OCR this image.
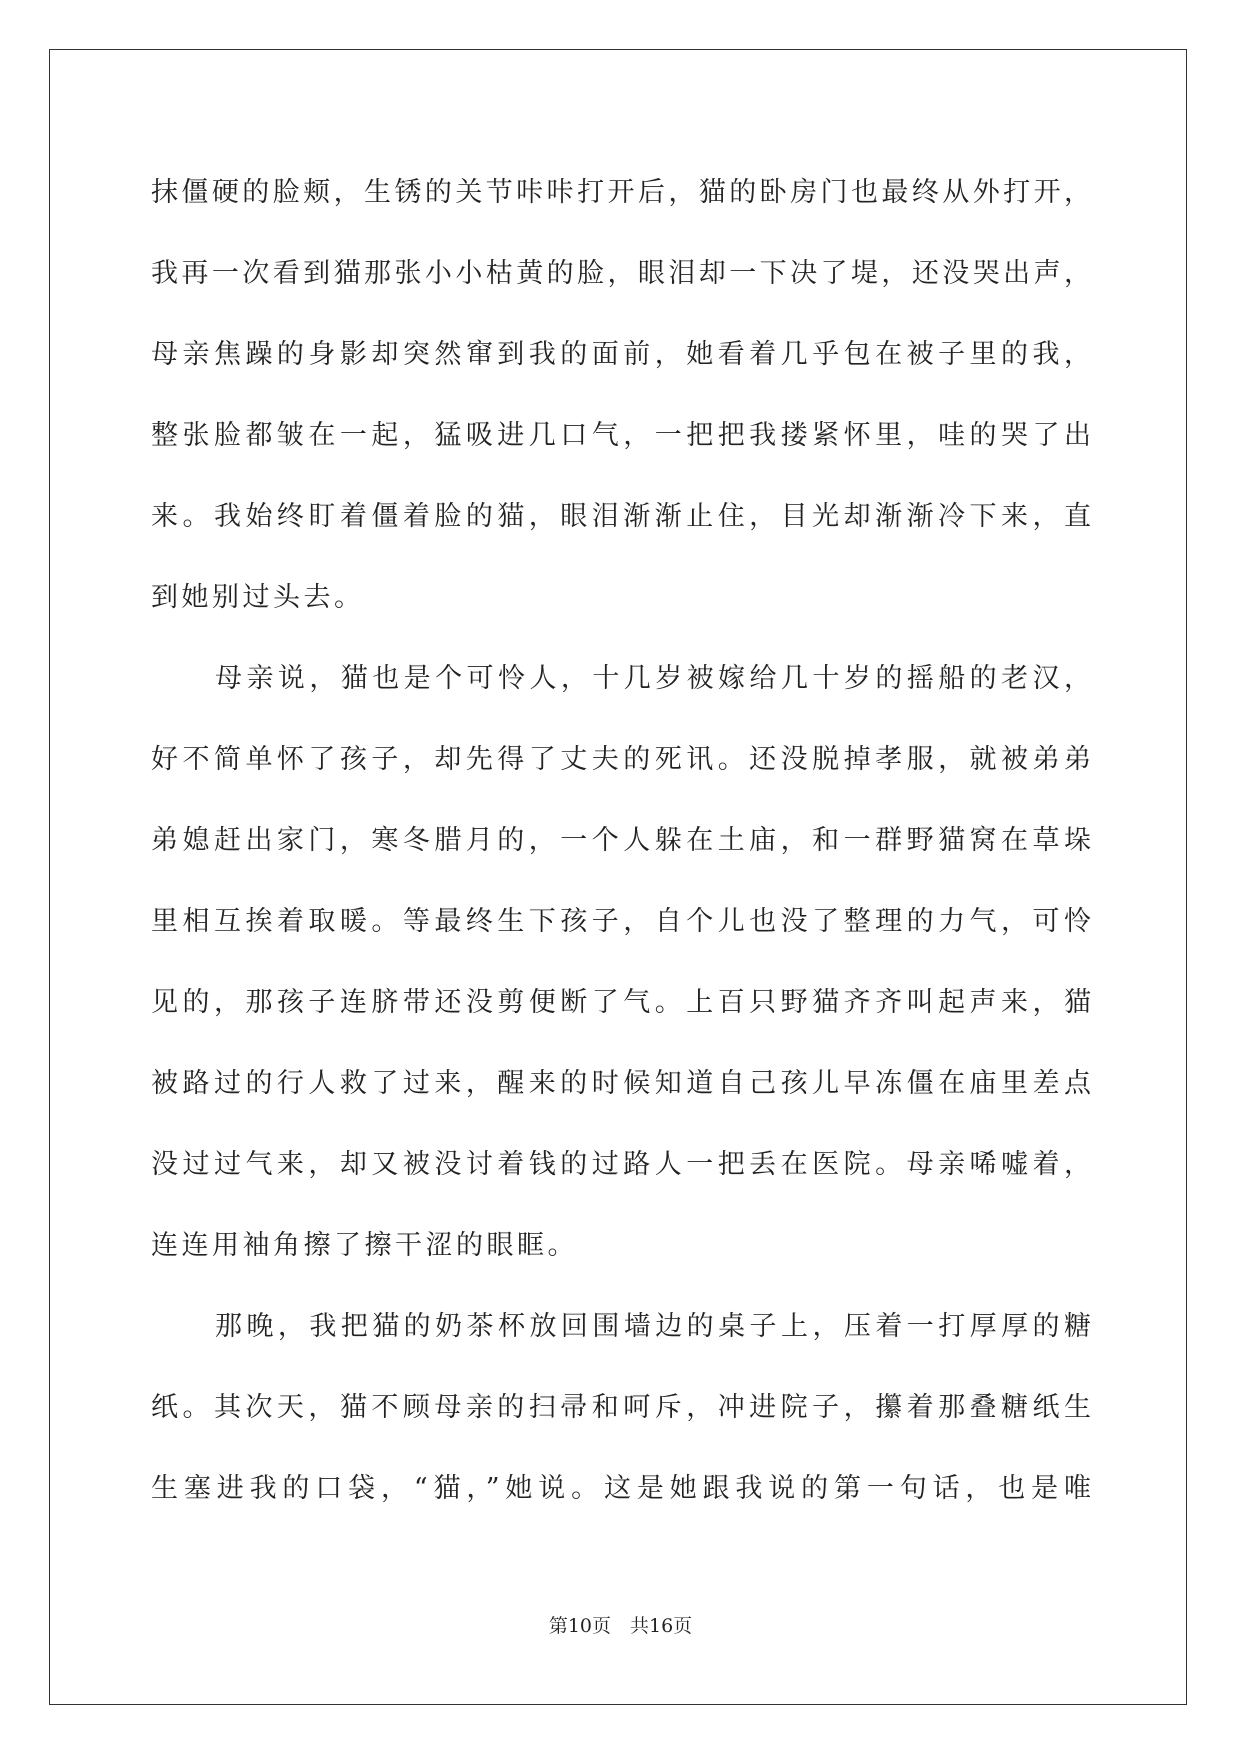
抹僵硬的脸颊，生锈的关节咔咔打开后，猫的卧房门也最终从外打开，
我再一次看到猫那张小小枯黄的脸，眼泪却一下决了堤，还没哭出声，
母亲焦躁的身影却突然窜到我的面前，她看着几乎包在被子里的我，
整张脸都皱在一起，猛吸进几口气，一把把我搂紧怀里，哇的哭了出
来。我始终盯着僵着脸的猫，眼泪渐渐止住，目光却渐渐冷下来，直
到她别过头去。
母亲说，猫也是个可怜人，十几岁被嫁给几十岁的摇船的老汉，
好不简单怀了孩子，却先得了丈夫的死讯。还没脱掉孝服，就被弟弟
弟媳赶出家门，寒冬腊月的，一个人躲在土庙，和一群野猫窝在草垛
里相互挨着取暖。等最终生下孩子，自个儿也没了整理的力气，可怜
见的，那孩子连脐带还没剪便断了气。上百只野猫齐齐叫起声来，猫
被路过的行人救了过来，醒来的时候知道自己孩儿早冻僵在庙里差点
没过过气来，却又被没讨着钱的过路人一把丢在医院。母亲唏嘘着，
连连用袖角擦了擦干涩的眼眶。
那晚，我把猫的奶茶杯放回围墙边的桌子上，压着一打厚厚的糖
纸。其次天，猫不顾母亲的扫帚和呵斥，冲进院子，攥着那叠糖纸生
生塞进我的口袋，“猫，”她说。这是她跟我说的第一句话，也是唯
第10页　共16页
